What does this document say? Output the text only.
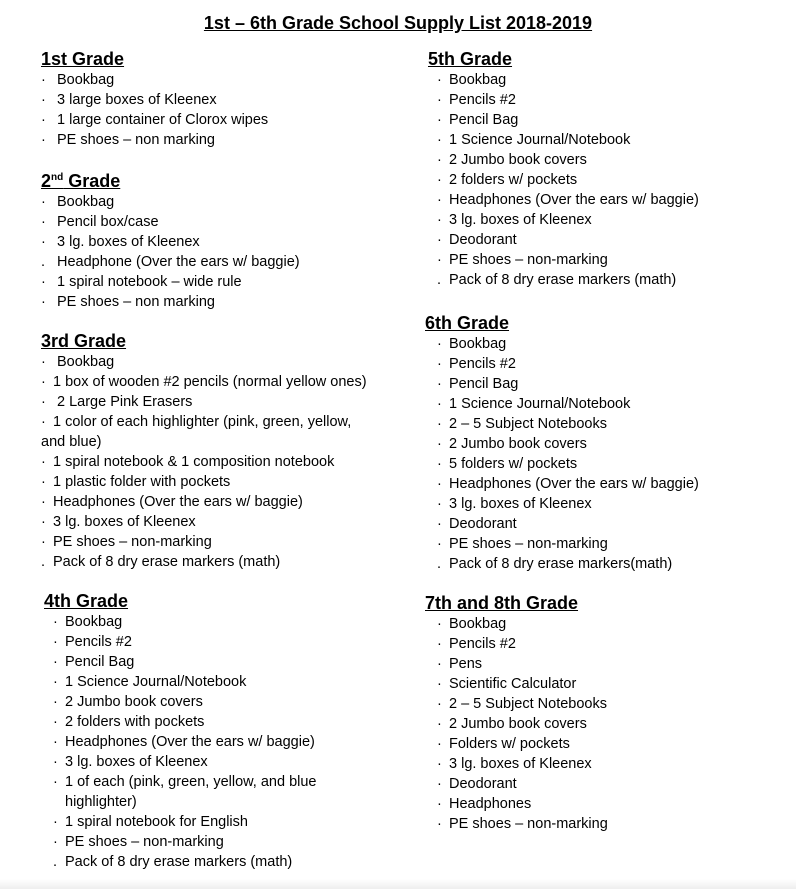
1st – 6th Grade School Supply List 2018-2019
1st Grade
· Bookbag
· 3 large boxes of Kleenex
· 1 large container of Clorox wipes
· PE shoes – non marking
2nd Grade
· Bookbag
· Pencil box/case
· 3 lg. boxes of Kleenex
. Headphone (Over the ears w/ baggie)
· 1 spiral notebook – wide rule
· PE shoes – non marking
3rd Grade
· Bookbag
· 1 box of wooden #2 pencils (normal yellow ones)
· 2 Large Pink Erasers
· 1 color of each highlighter (pink, green, yellow, and blue)
· 1 spiral notebook & 1 composition notebook
· 1 plastic folder with pockets
· Headphones (Over the ears w/ baggie)
· 3 lg. boxes of Kleenex
· PE shoes – non-marking
. Pack of 8 dry erase markers (math)
4th Grade
· Bookbag
· Pencils #2
· Pencil Bag
· 1 Science Journal/Notebook
· 2 Jumbo book covers
· 2 folders with pockets
· Headphones (Over the ears w/ baggie)
· 3 lg. boxes of Kleenex
· 1 of each (pink, green, yellow, and blue highlighter)
· 1 spiral notebook for English
· PE shoes – non-marking
. Pack of 8 dry erase markers (math)
5th Grade
· Bookbag
· Pencils #2
· Pencil Bag
· 1 Science Journal/Notebook
· 2 Jumbo book covers
· 2 folders w/ pockets
· Headphones (Over the ears w/ baggie)
· 3 lg. boxes of Kleenex
· Deodorant
· PE shoes – non-marking
. Pack of 8 dry erase markers (math)
6th Grade
· Bookbag
· Pencils #2
· Pencil Bag
· 1 Science Journal/Notebook
· 2 – 5 Subject Notebooks
· 2 Jumbo book covers
· 5 folders w/ pockets
· Headphones (Over the ears w/ baggie)
· 3 lg. boxes of Kleenex
· Deodorant
· PE shoes – non-marking
. Pack of 8 dry erase markers(math)
7th and 8th Grade
· Bookbag
· Pencils #2
· Pens
· Scientific Calculator
· 2 – 5 Subject Notebooks
· 2 Jumbo book covers
· Folders w/ pockets
· 3 lg. boxes of Kleenex
· Deodorant
· Headphones
· PE shoes – non-marking
